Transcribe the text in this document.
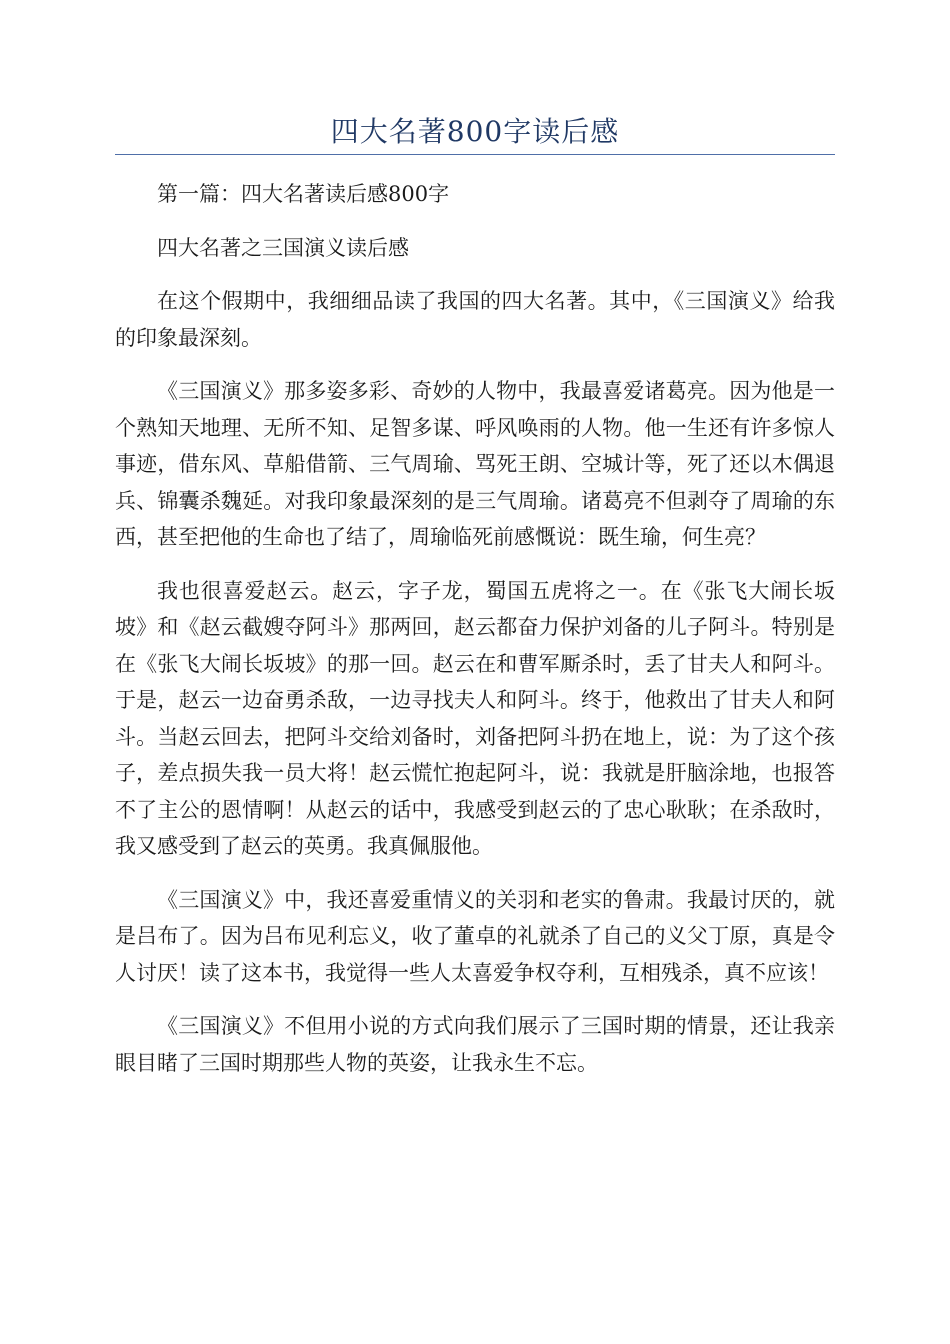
四大名著800字读后感

第一篇：四大名著读后感800字

四大名著之三国演义读后感

在这个假期中，我细细品读了我国的四大名著。其中，《三国演义》给我的印象最深刻。

《三国演义》那多姿多彩、奇妙的人物中，我最喜爱诸葛亮。因为他是一个熟知天地理、无所不知、足智多谋、呼风唤雨的人物。他一生还有许多惊人事迹，借东风、草船借箭、三气周瑜、骂死王朗、空城计等，死了还以木偶退兵、锦囊杀魏延。对我印象最深刻的是三气周瑜。诸葛亮不但剥夺了周瑜的东西，甚至把他的生命也了结了，周瑜临死前感慨说：既生瑜，何生亮？

我也很喜爱赵云。赵云，字子龙，蜀国五虎将之一。在《张飞大闹长坂坡》和《赵云截嫂夺阿斗》那两回，赵云都奋力保护刘备的儿子阿斗。特别是在《张飞大闹长坂坡》的那一回。赵云在和曹军厮杀时，丢了甘夫人和阿斗。于是，赵云一边奋勇杀敌，一边寻找夫人和阿斗。终于，他救出了甘夫人和阿斗。当赵云回去，把阿斗交给刘备时，刘备把阿斗扔在地上，说：为了这个孩子，差点损失我一员大将！赵云慌忙抱起阿斗，说：我就是肝脑涂地，也报答不了主公的恩情啊！从赵云的话中，我感受到赵云的了忠心耿耿；在杀敌时，我又感受到了赵云的英勇。我真佩服他。

《三国演义》中，我还喜爱重情义的关羽和老实的鲁肃。我最讨厌的，就是吕布了。因为吕布见利忘义，收了董卓的礼就杀了自己的义父丁原，真是令人讨厌！读了这本书，我觉得一些人太喜爱争权夺利，互相残杀，真不应该！

《三国演义》不但用小说的方式向我们展示了三国时期的情景，还让我亲眼目睹了三国时期那些人物的英姿，让我永生不忘。
